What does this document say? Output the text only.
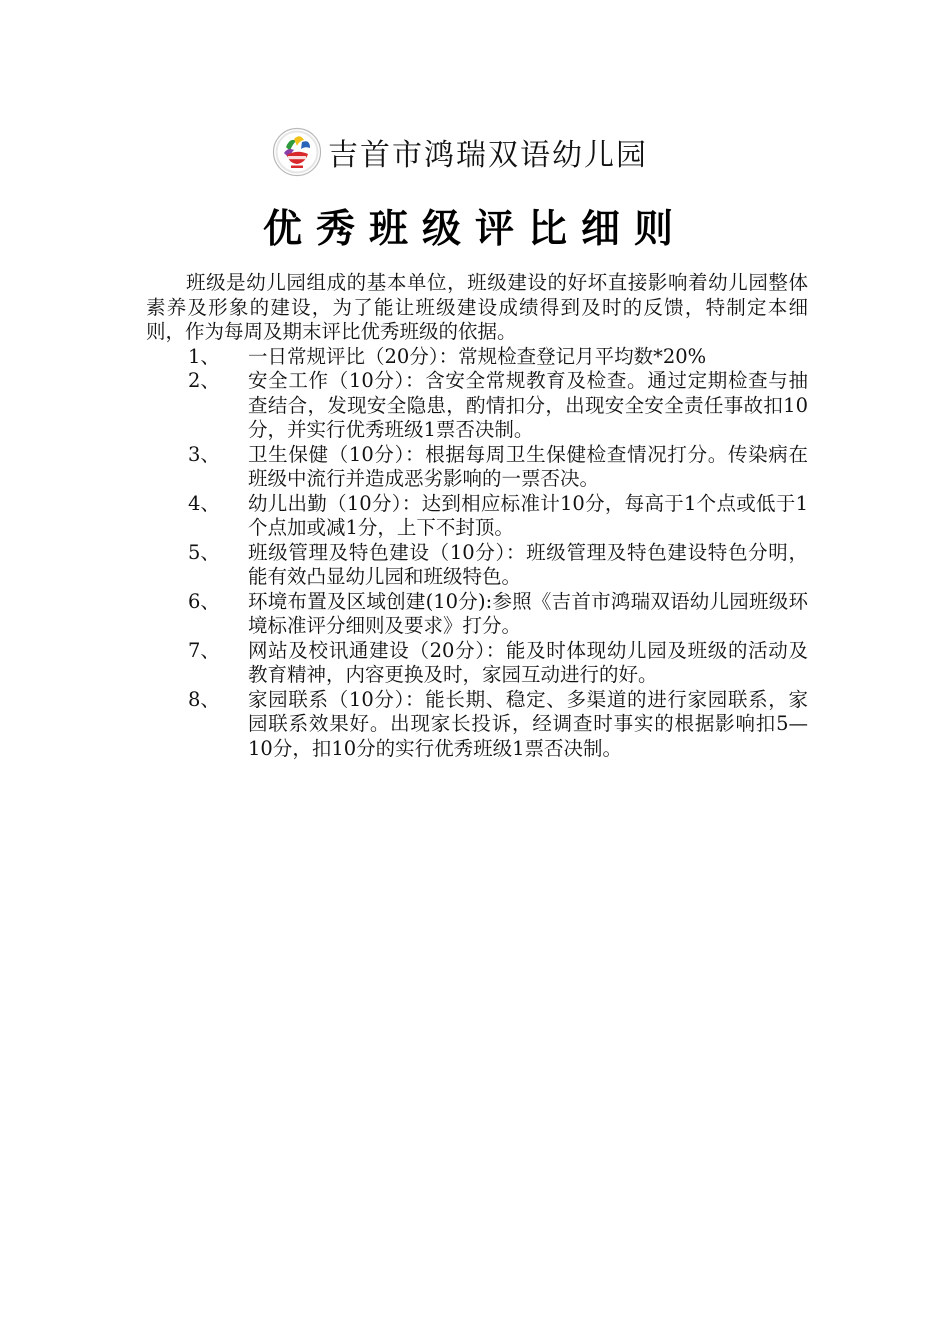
吉首市鸿瑞双语幼儿园
优秀班级评比细则

班级是幼儿园组成的基本单位，班级建设的好坏直接影响着幼儿园整体素养及形象的建设，为了能让班级建设成绩得到及时的反馈，特制定本细则，作为每周及期末评比优秀班级的依据。

1、	一日常规评比（20分）：常规检查登记月平均数*20%
2、	安全工作（10分）：含安全常规教育及检查。通过定期检查与抽查结合，发现安全隐患，酌情扣分，出现安全安全责任事故扣10分，并实行优秀班级1票否决制。
3、	卫生保健（10分）：根据每周卫生保健检查情况打分。传染病在班级中流行并造成恶劣影响的一票否决。
4、	幼儿出勤（10分）：达到相应标准计10分，每高于1个点或低于1个点加或减1分，上下不封顶。
5、	班级管理及特色建设（10分）：班级管理及特色建设特色分明，能有效凸显幼儿园和班级特色。
6、	环境布置及区域创建(10分):参照《吉首市鸿瑞双语幼儿园班级环境标准评分细则及要求》打分。
7、	网站及校讯通建设（20分）：能及时体现幼儿园及班级的活动及教育精神，内容更换及时，家园互动进行的好。
8、	家园联系（10分）：能长期、稳定、多渠道的进行家园联系，家园联系效果好。出现家长投诉，经调查时事实的根据影响扣5—10分，扣10分的实行优秀班级1票否决制。
